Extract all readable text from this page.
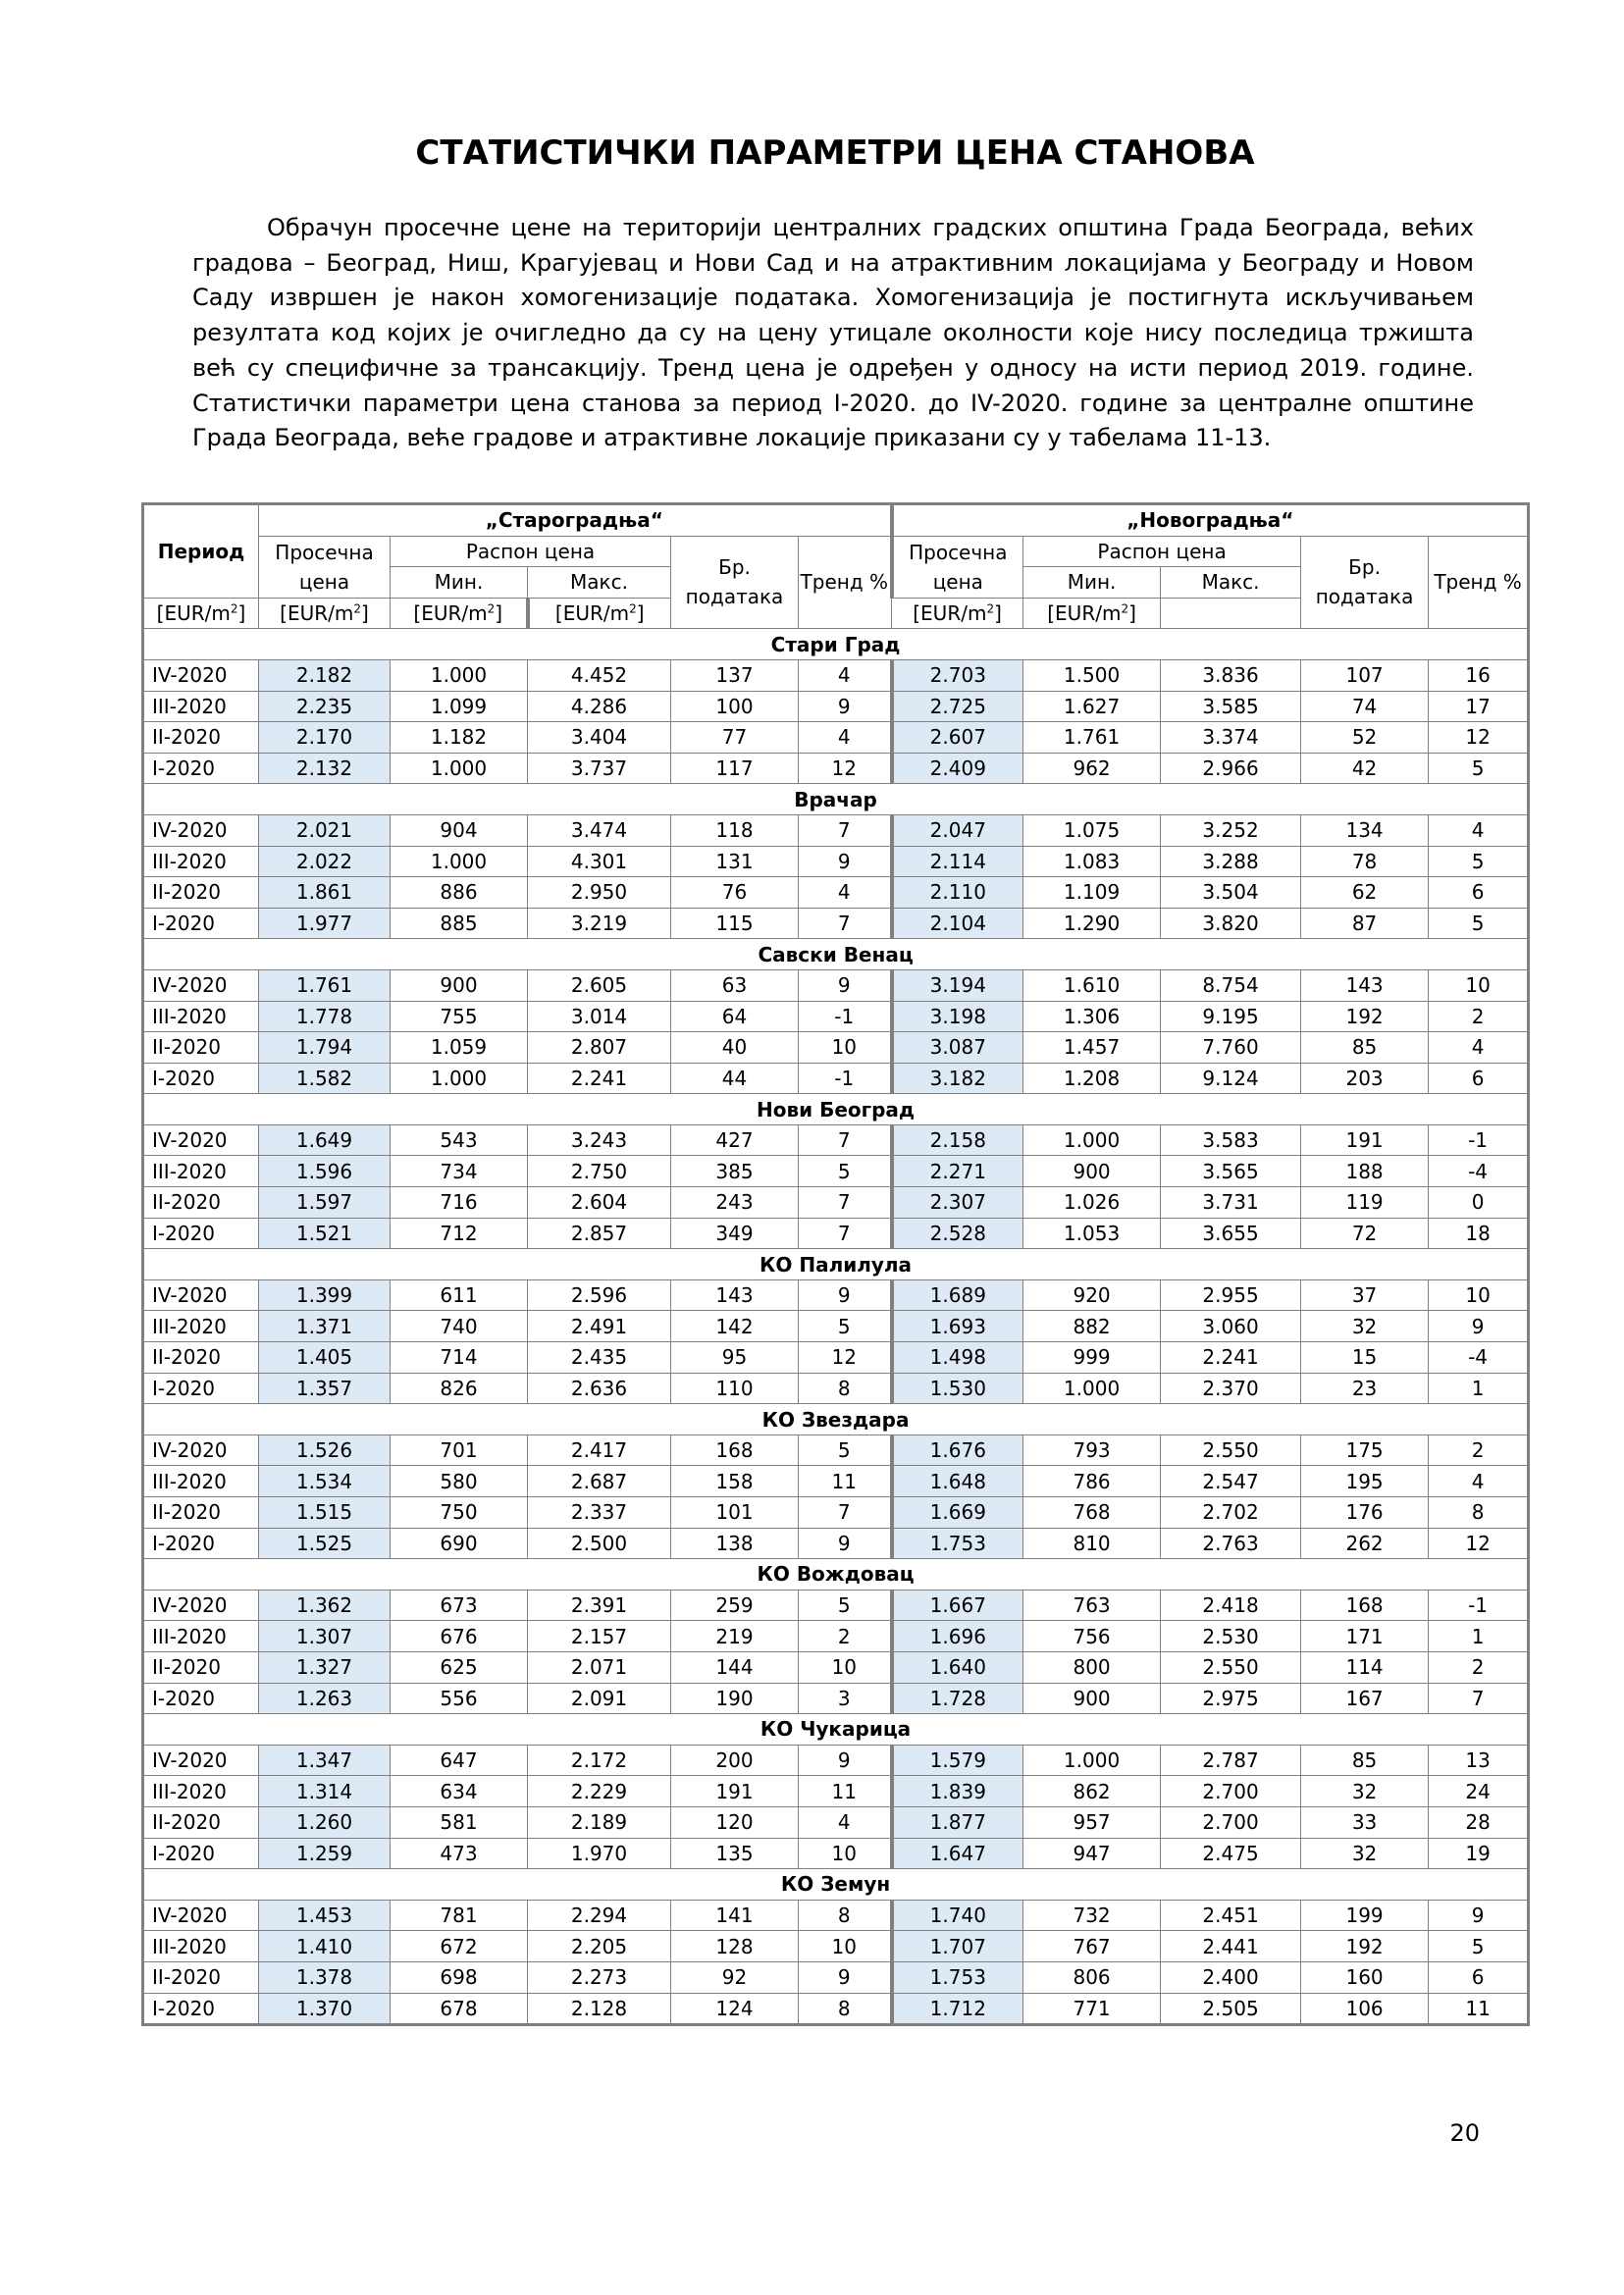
СТАТИСТИЧКИ ПАРАМЕТРИ ЦЕНА СТАНОВА

Обрачун просечне цене на територији централних градских општина Града Београда, већих градова – Београд, Ниш, Крагујевац и Нови Сад и на атрактивним локацијама у Београду и Новом Саду извршен је након хомогенизације података. Хомогенизација је постигнута искључивањем резултата код којих је очигледно да су на цену утицале околности које нису последица тржишта већ су специфичне за трансакцију. Тренд цена је одређен у односу на исти период 2019. године. Статистички параметри цена станова за период I-2020. до IV-2020. године за централне општине Града Београда, веће градове и атрактивне локације приказани су у табелама 11-13.

Период	„Староградња“					„Новоградња“				
	Просечна цена	Распон цена		Бр. података	Тренд %	Просечна цена	Распон цена		Бр. података	Тренд %
		Мин.	Макс.				Мин.	Макс.		
$[EUR/m^2]$	$[EUR/m^2]$	$[EUR/m^2]$	$[EUR/m^2]$			$[EUR/m^2]$	$[EUR/m^2]$			
Стари Град										
IV-2020	2.182	1.000	4.452	137	4	2.703	1.500	3.836	107	16
III-2020	2.235	1.099	4.286	100	9	2.725	1.627	3.585	74	17
II-2020	2.170	1.182	3.404	77	4	2.607	1.761	3.374	52	12
I-2020	2.132	1.000	3.737	117	12	2.409	962	2.966	42	5
Врачар										
IV-2020	2.021	904	3.474	118	7	2.047	1.075	3.252	134	4
III-2020	2.022	1.000	4.301	131	9	2.114	1.083	3.288	78	5
II-2020	1.861	886	2.950	76	4	2.110	1.109	3.504	62	6
I-2020	1.977	885	3.219	115	7	2.104	1.290	3.820	87	5
Савски Венац										
IV-2020	1.761	900	2.605	63	9	3.194	1.610	8.754	143	10
III-2020	1.778	755	3.014	64	-1	3.198	1.306	9.195	192	2
II-2020	1.794	1.059	2.807	40	10	3.087	1.457	7.760	85	4
I-2020	1.582	1.000	2.241	44	-1	3.182	1.208	9.124	203	6
Нови Београд										
IV-2020	1.649	543	3.243	427	7	2.158	1.000	3.583	191	-1
III-2020	1.596	734	2.750	385	5	2.271	900	3.565	188	-4
II-2020	1.597	716	2.604	243	7	2.307	1.026	3.731	119	0
I-2020	1.521	712	2.857	349	7	2.528	1.053	3.655	72	18
КО Палилула										
IV-2020	1.399	611	2.596	143	9	1.689	920	2.955	37	10
III-2020	1.371	740	2.491	142	5	1.693	882	3.060	32	9
II-2020	1.405	714	2.435	95	12	1.498	999	2.241	15	-4
I-2020	1.357	826	2.636	110	8	1.530	1.000	2.370	23	1
КО Звездара										
IV-2020	1.526	701	2.417	168	5	1.676	793	2.550	175	2
III-2020	1.534	580	2.687	158	11	1.648	786	2.547	195	4
II-2020	1.515	750	2.337	101	7	1.669	768	2.702	176	8
I-2020	1.525	690	2.500	138	9	1.753	810	2.763	262	12
КО Вождовац										
IV-2020	1.362	673	2.391	259	5	1.667	763	2.418	168	-1
III-2020	1.307	676	2.157	219	2	1.696	756	2.530	171	1
II-2020	1.327	625	2.071	144	10	1.640	800	2.550	114	2
I-2020	1.263	556	2.091	190	3	1.728	900	2.975	167	7
КО Чукарица										
IV-2020	1.347	647	2.172	200	9	1.579	1.000	2.787	85	13
III-2020	1.314	634	2.229	191	11	1.839	862	2.700	32	24
II-2020	1.260	581	2.189	120	4	1.877	957	2.700	33	28
I-2020	1.259	473	1.970	135	10	1.647	947	2.475	32	19
КО Земун										
IV-2020	1.453	781	2.294	141	8	1.740	732	2.451	199	9
III-2020	1.410	672	2.205	128	10	1.707	767	2.441	192	5
II-2020	1.378	698	2.273	92	9	1.753	806	2.400	160	6
I-2020	1.370	678	2.128	124	8	1.712	771	2.505	106	11

20
